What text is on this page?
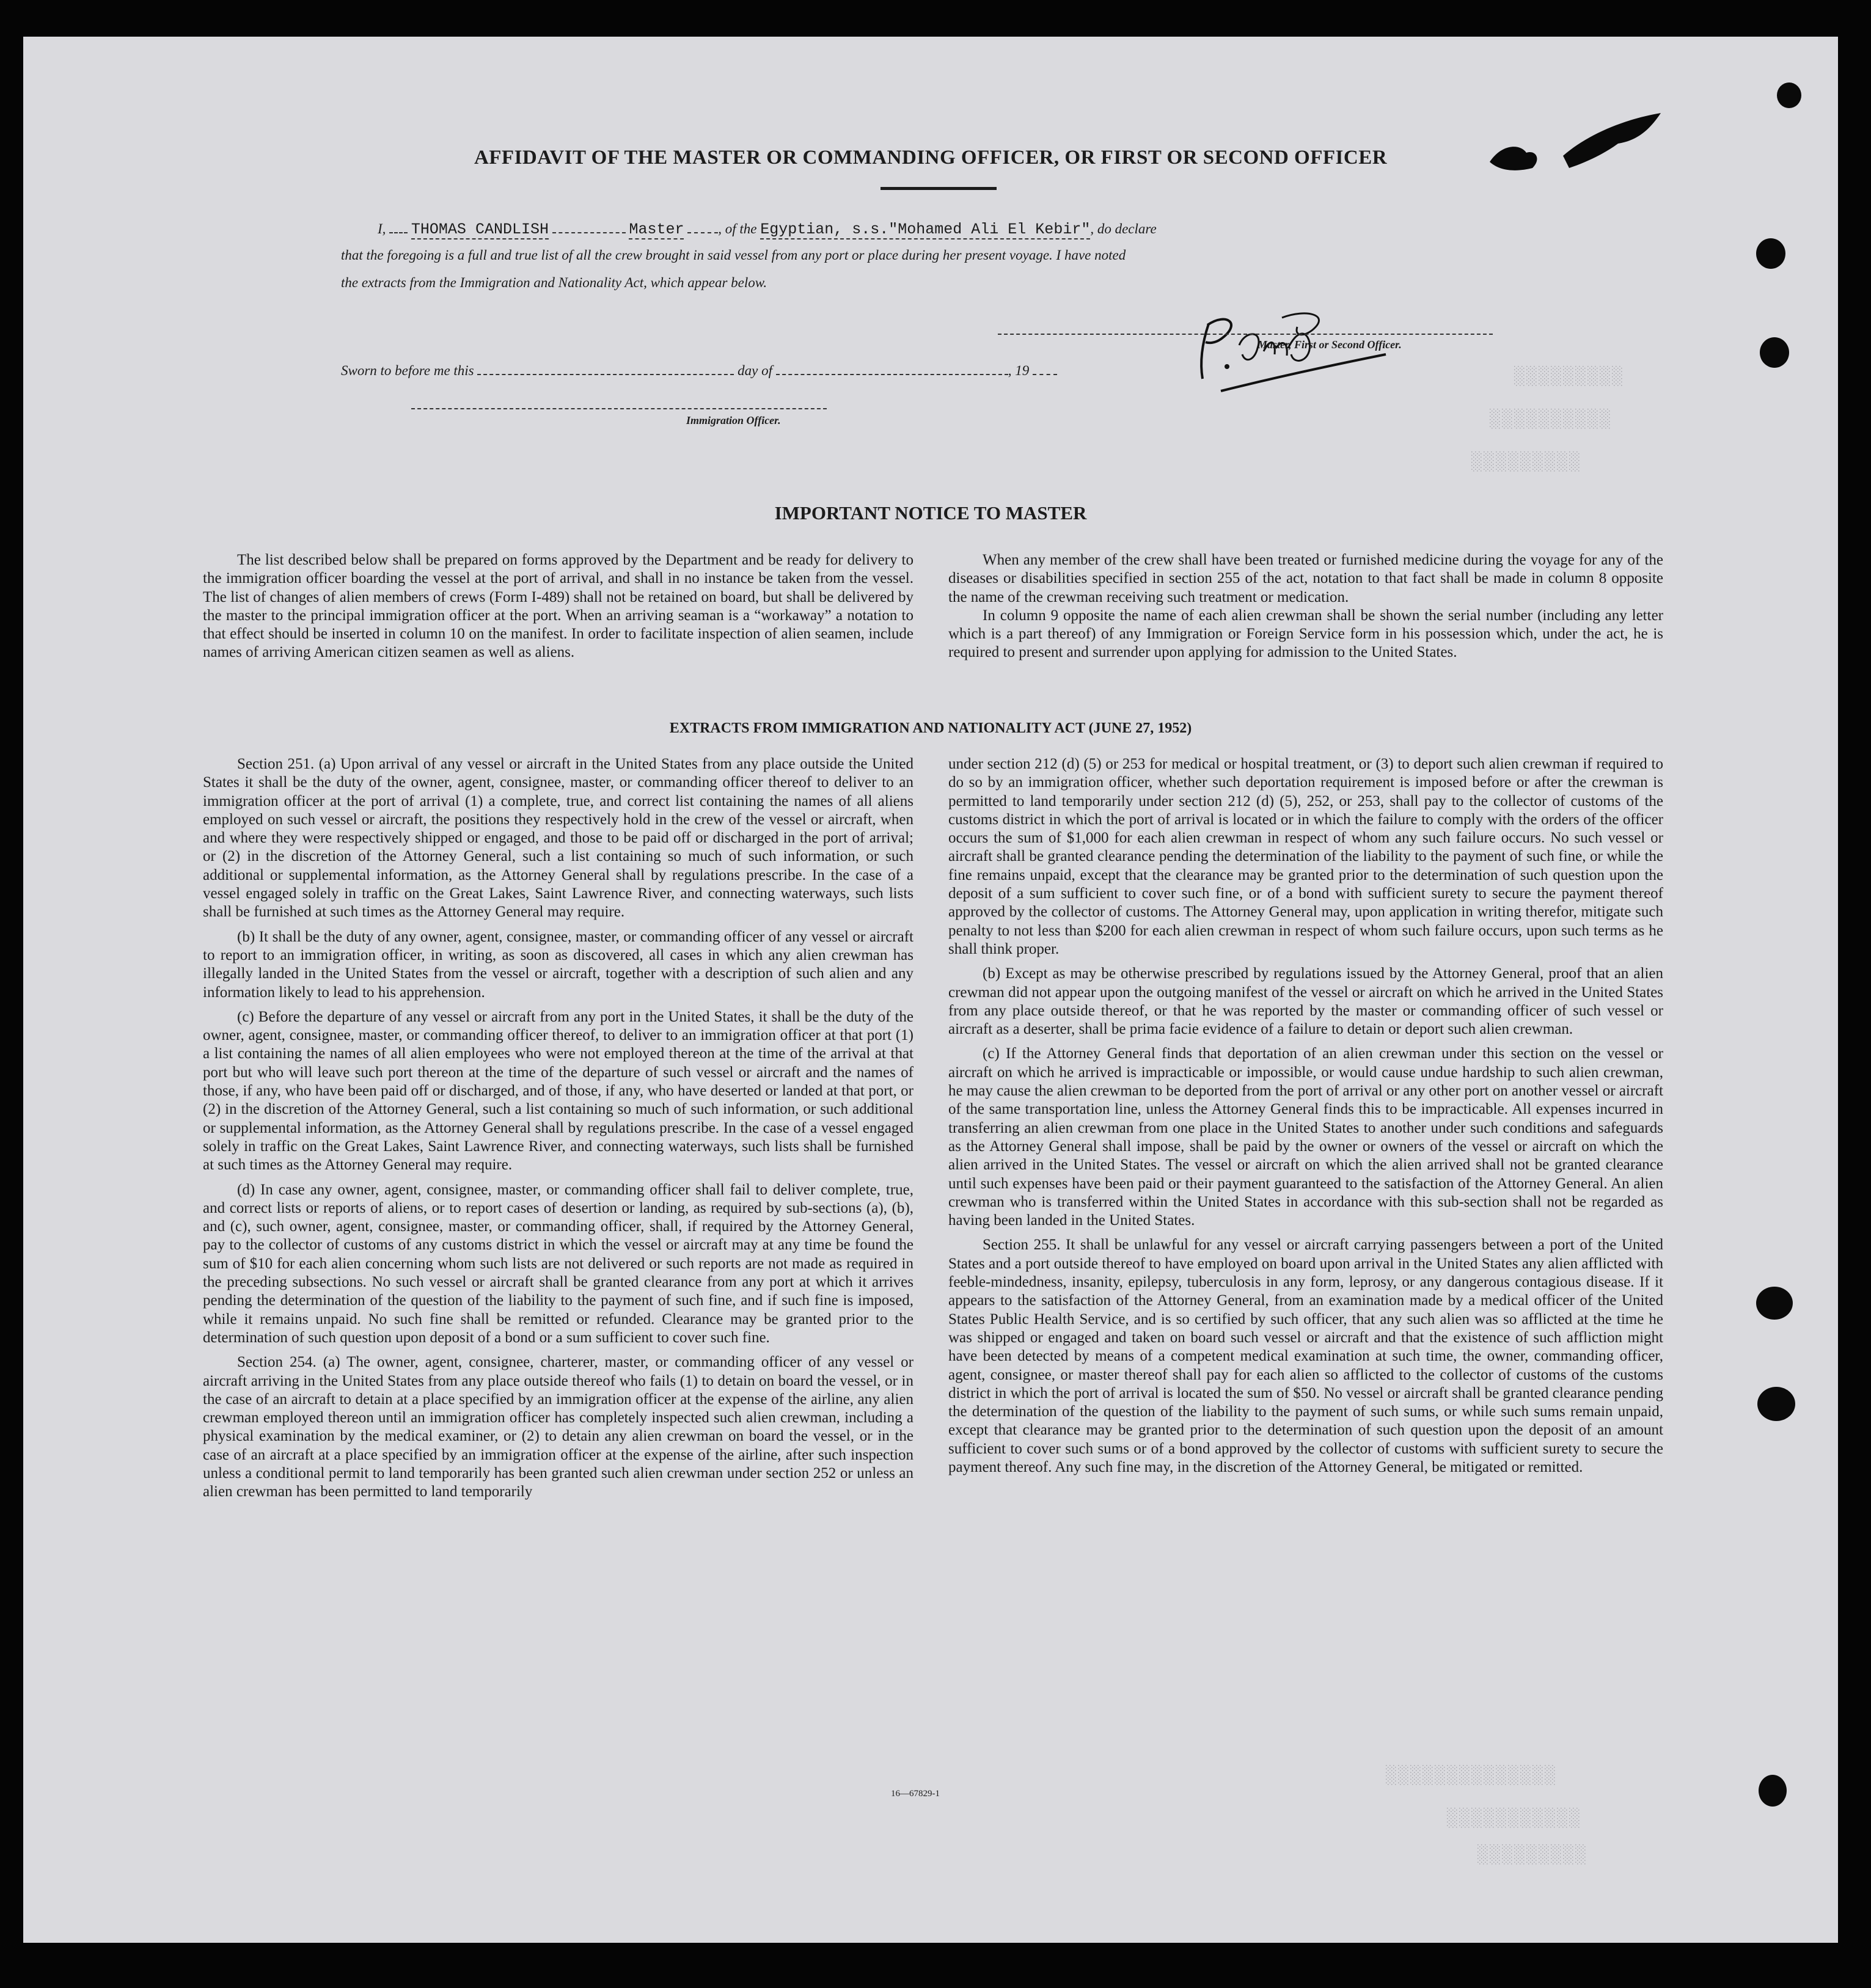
░░░░░░░░░
░░░░░░░░░░
░░░░░░░░░
░░░░░░░░░░░░░░
░░░░░░░░░░░
░░░░░░░░░
AFFIDAVIT OF THE MASTER OR COMMANDING OFFICER, OR FIRST OR SECOND OFFICER
I, THOMAS CANDLISH	Master , of the Egyptian, s.s."Mohamed Ali El Kebir", do declare
that the foregoing is a full and true list of all the crew brought in said vessel from any port or place during her present voyage. I have noted
the extracts from the Immigration and Nationality Act, which appear below.
Master, First or Second Officer.
Sworn to before me this	day of	, 19
Immigration Officer.
IMPORTANT NOTICE TO MASTER

The list described below shall be prepared on forms approved by the Department and be ready for delivery to the immigration officer boarding the vessel at the port of arrival, and shall in no instance be taken from the vessel. The list of changes of alien members of crews (Form I-489) shall not be retained on board, but shall be delivered by the master to the principal immigration officer at the port. When an arriving seaman is a “workaway” a notation to that effect should be inserted in column 10 on the manifest. In order to facilitate inspection of alien seamen, include names of arriving American citizen seamen as well as aliens.

When any member of the crew shall have been treated or furnished medicine during the voyage for any of the diseases or disabilities specified in section 255 of the act, notation to that fact shall be made in column 8 opposite the name of the crewman receiving such treatment or medication.

In column 9 opposite the name of each alien crewman shall be shown the serial number (including any letter which is a part thereof) of any Immigration or Foreign Service form in his possession which, under the act, he is required to present and surrender upon applying for admission to the United States.

EXTRACTS FROM IMMIGRATION AND NATIONALITY ACT (JUNE 27, 1952)

Section 251. (a) Upon arrival of any vessel or aircraft in the United States from any place outside the United States it shall be the duty of the owner, agent, consignee, master, or commanding officer thereof to deliver to an immigration officer at the port of arrival (1) a complete, true, and correct list containing the names of all aliens employed on such vessel or aircraft, the positions they respectively hold in the crew of the vessel or aircraft, when and where they were respectively shipped or engaged, and those to be paid off or discharged in the port of arrival; or (2) in the discretion of the Attorney General, such a list containing so much of such information, or such additional or supplemental information, as the Attorney General shall by regulations prescribe. In the case of a vessel engaged solely in traffic on the Great Lakes, Saint Lawrence River, and connecting waterways, such lists shall be furnished at such times as the Attorney General may require.

(b) It shall be the duty of any owner, agent, consignee, master, or commanding officer of any vessel or aircraft to report to an immigration officer, in writing, as soon as discovered, all cases in which any alien crewman has illegally landed in the United States from the vessel or aircraft, together with a description of such alien and any information likely to lead to his apprehension.

(c) Before the departure of any vessel or aircraft from any port in the United States, it shall be the duty of the owner, agent, consignee, master, or commanding officer thereof, to deliver to an immigration officer at that port (1) a list containing the names of all alien employees who were not employed thereon at the time of the arrival at that port but who will leave such port thereon at the time of the departure of such vessel or aircraft and the names of those, if any, who have been paid off or discharged, and of those, if any, who have deserted or landed at that port, or (2) in the discretion of the Attorney General, such a list containing so much of such information, or such additional or supplemental information, as the Attorney General shall by regulations prescribe. In the case of a vessel engaged solely in traffic on the Great Lakes, Saint Lawrence River, and connecting waterways, such lists shall be furnished at such times as the Attorney General may require.

(d) In case any owner, agent, consignee, master, or commanding officer shall fail to deliver complete, true, and correct lists or reports of aliens, or to report cases of desertion or landing, as required by sub-sections (a), (b), and (c), such owner, agent, consignee, master, or commanding officer, shall, if required by the Attorney General, pay to the collector of customs of any customs district in which the vessel or aircraft may at any time be found the sum of $10 for each alien concerning whom such lists are not delivered or such reports are not made as required in the preceding subsections. No such vessel or aircraft shall be granted clearance from any port at which it arrives pending the determination of the question of the liability to the payment of such fine, and if such fine is imposed, while it remains unpaid. No such fine shall be remitted or refunded. Clearance may be granted prior to the determination of such question upon deposit of a bond or a sum sufficient to cover such fine.

Section 254. (a) The owner, agent, consignee, charterer, master, or commanding officer of any vessel or aircraft arriving in the United States from any place outside thereof who fails (1) to detain on board the vessel, or in the case of an aircraft to detain at a place specified by an immigration officer at the expense of the airline, any alien crewman employed thereon until an immigration officer has completely inspected such alien crewman, including a physical examination by the medical examiner, or (2) to detain any alien crewman on board the vessel, or in the case of an aircraft at a place specified by an immigration officer at the expense of the airline, after such inspection unless a conditional permit to land temporarily has been granted such alien crewman under section 252 or unless an alien crewman has been permitted to land temporarily

under section 212 (d) (5) or 253 for medical or hospital treatment, or (3) to deport such alien crewman if required to do so by an immigration officer, whether such deportation requirement is imposed before or after the crewman is permitted to land temporarily under section 212 (d) (5), 252, or 253, shall pay to the collector of customs of the customs district in which the port of arrival is located or in which the failure to comply with the orders of the officer occurs the sum of $1,000 for each alien crewman in respect of whom any such failure occurs. No such vessel or aircraft shall be granted clearance pending the determination of the liability to the payment of such fine, or while the fine remains unpaid, except that the clearance may be granted prior to the determination of such question upon the deposit of a sum sufficient to cover such fine, or of a bond with sufficient surety to secure the payment thereof approved by the collector of customs. The Attorney General may, upon application in writing therefor, mitigate such penalty to not less than $200 for each alien crewman in respect of whom such failure occurs, upon such terms as he shall think proper.

(b) Except as may be otherwise prescribed by regulations issued by the Attorney General, proof that an alien crewman did not appear upon the outgoing manifest of the vessel or aircraft on which he arrived in the United States from any place outside thereof, or that he was reported by the master or commanding officer of such vessel or aircraft as a deserter, shall be prima facie evidence of a failure to detain or deport such alien crewman.

(c) If the Attorney General finds that deportation of an alien crewman under this section on the vessel or aircraft on which he arrived is impracticable or impossible, or would cause undue hardship to such alien crewman, he may cause the alien crewman to be deported from the port of arrival or any other port on another vessel or aircraft of the same transportation line, unless the Attorney General finds this to be impracticable. All expenses incurred in transferring an alien crewman from one place in the United States to another under such conditions and safeguards as the Attorney General shall impose, shall be paid by the owner or owners of the vessel or aircraft on which the alien arrived in the United States. The vessel or aircraft on which the alien arrived shall not be granted clearance until such expenses have been paid or their payment guaranteed to the satisfaction of the Attorney General. An alien crewman who is transferred within the United States in accordance with this sub-section shall not be regarded as having been landed in the United States.

Section 255. It shall be unlawful for any vessel or aircraft carrying passengers between a port of the United States and a port outside thereof to have employed on board upon arrival in the United States any alien afflicted with feeble-mindedness, insanity, epilepsy, tuberculosis in any form, leprosy, or any dangerous contagious disease. If it appears to the satisfaction of the Attorney General, from an examination made by a medical officer of the United States Public Health Service, and is so certified by such officer, that any such alien was so afflicted at the time he was shipped or engaged and taken on board such vessel or aircraft and that the existence of such affliction might have been detected by means of a competent medical examination at such time, the owner, commanding officer, agent, consignee, or master thereof shall pay for each alien so afflicted to the collector of customs of the customs district in which the port of arrival is located the sum of $50. No vessel or aircraft shall be granted clearance pending the determination of the question of the liability to the payment of such sums, or while such sums remain unpaid, except that clearance may be granted prior to the determination of such question upon the deposit of an amount sufficient to cover such sums or of a bond approved by the collector of customs with sufficient surety to secure the payment thereof. Any such fine may, in the discretion of the Attorney General, be mitigated or remitted.

16—67829-1
